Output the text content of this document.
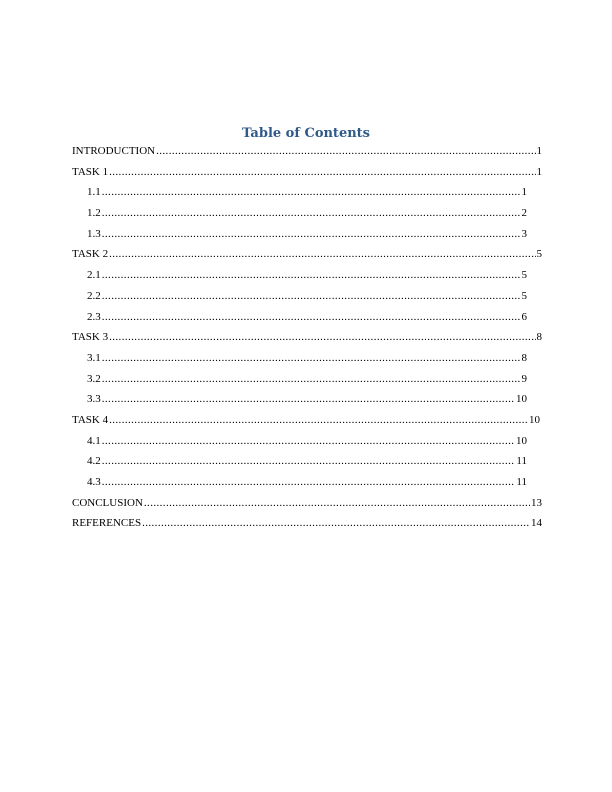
Table of Contents
INTRODUCTION .....	1
TASK 1 .....	1
1.1 .....	1
1.2 .....	2
1.3 .....	3
TASK 2 .....	5
2.1 .....	5
2.2 .....	5
2.3 .....	6
TASK 3 .....	8
3.1 .....	8
3.2 .....	9
3.3 .....	10
TASK 4 .....	10
4.1 .....	10
4.2 .....	11
4.3 .....	11
CONCLUSION .....	13
REFERENCES .....	14
